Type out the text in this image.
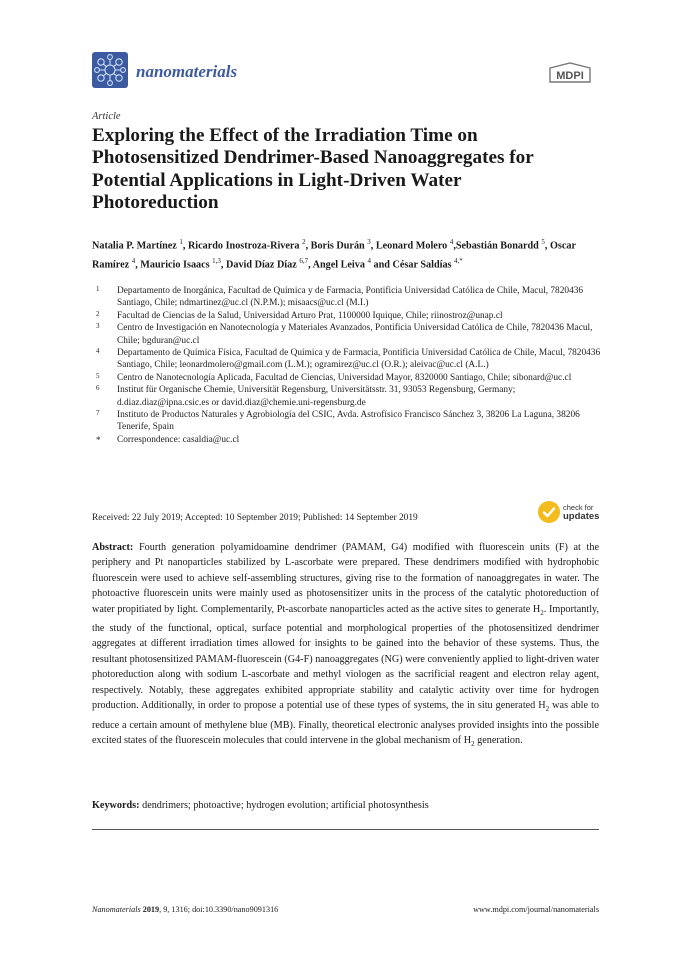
nanomaterials	MDPI
Article
Exploring the Effect of the Irradiation Time on Photosensitized Dendrimer-Based Nanoaggregates for Potential Applications in Light-Driven Water Photoreduction
Natalia P. Martínez $^1$, Ricardo Inostroza-Rivera $^2$, Boris Durán $^3$, Leonard Molero $^4$,Sebastián Bonardd $^5$, Oscar Ramírez $^4$, Mauricio Isaacs $^{1,3}$, David Díaz Díaz $^{6,7}$, Angel Leiva $^4$ and César Saldías $^{4,*}$
1 Departamento de Inorgánica, Facultad de Química y de Farmacia, Pontificia Universidad Católica de Chile, Macul, 7820436 Santiago, Chile; ndmartinez@uc.cl (N.P.M.); misaacs@uc.cl (M.I.)
2 Facultad de Ciencias de la Salud, Universidad Arturo Prat, 1100000 Iquique, Chile; riinostroz@unap.cl
3 Centro de Investigación en Nanotecnología y Materiales Avanzados, Pontificia Universidad Católica de Chile, 7820436 Macul, Chile; bgduran@uc.cl
4 Departamento de Química Física, Facultad de Química y de Farmacia, Pontificia Universidad Católica de Chile, Macul, 7820436 Santiago, Chile; leonardmolero@gmail.com (L.M.); ogramirez@uc.cl (O.R.); aleivac@uc.cl (A.L.)
5 Centro de Nanotecnología Aplicada, Facultad de Ciencias, Universidad Mayor, 8320000 Santiago, Chile; sibonard@uc.cl
6 Institut für Organische Chemie, Universität Regensburg, Universitätsstr. 31, 93053 Regensburg, Germany; d.diaz.diaz@ipna.csic.es or david.diaz@chemie.uni-regensburg.de
7 Instituto de Productos Naturales y Agrobiología del CSIC, Avda. Astrofísico Francisco Sánchez 3, 38206 La Laguna, 38206 Tenerife, Spain
* Correspondence: casaldia@uc.cl
Received: 22 July 2019; Accepted: 10 September 2019; Published: 14 September 2019
check for
updates

Abstract: Fourth generation polyamidoamine dendrimer (PAMAM, G4) modified with fluorescein units (F) at the periphery and Pt nanoparticles stabilized by L-ascorbate were prepared. These dendrimers modified with hydrophobic fluorescein were used to achieve self-assembling structures, giving rise to the formation of nanoaggregates in water. The photoactive fluorescein units were mainly used as photosensitizer units in the process of the catalytic photoreduction of water propitiated by light. Complementarily, Pt-ascorbate nanoparticles acted as the active sites to generate $H_2$. Importantly, the study of the functional, optical, surface potential and morphological properties of the photosensitized dendrimer aggregates at different irradiation times allowed for insights to be gained into the behavior of these systems. Thus, the resultant photosensitized PAMAM-fluorescein (G4-F) nanoaggregates (NG) were conveniently applied to light-driven water photoreduction along with sodium L-ascorbate and methyl viologen as the sacrificial reagent and electron relay agent, respectively. Notably, these aggregates exhibited appropriate stability and catalytic activity over time for hydrogen production. Additionally, in order to propose a potential use of these types of systems, the in situ generated $H_2$ was able to reduce a certain amount of methylene blue (MB). Finally, theoretical electronic analyses provided insights into the possible excited states of the fluorescein molecules that could intervene in the global mechanism of $H_2$ generation.

Keywords: dendrimers; photoactive; hydrogen evolution; artificial photosynthesis
Nanomaterials 2019, 9, 1316; doi:10.3390/nano9091316	www.mdpi.com/journal/nanomaterials
